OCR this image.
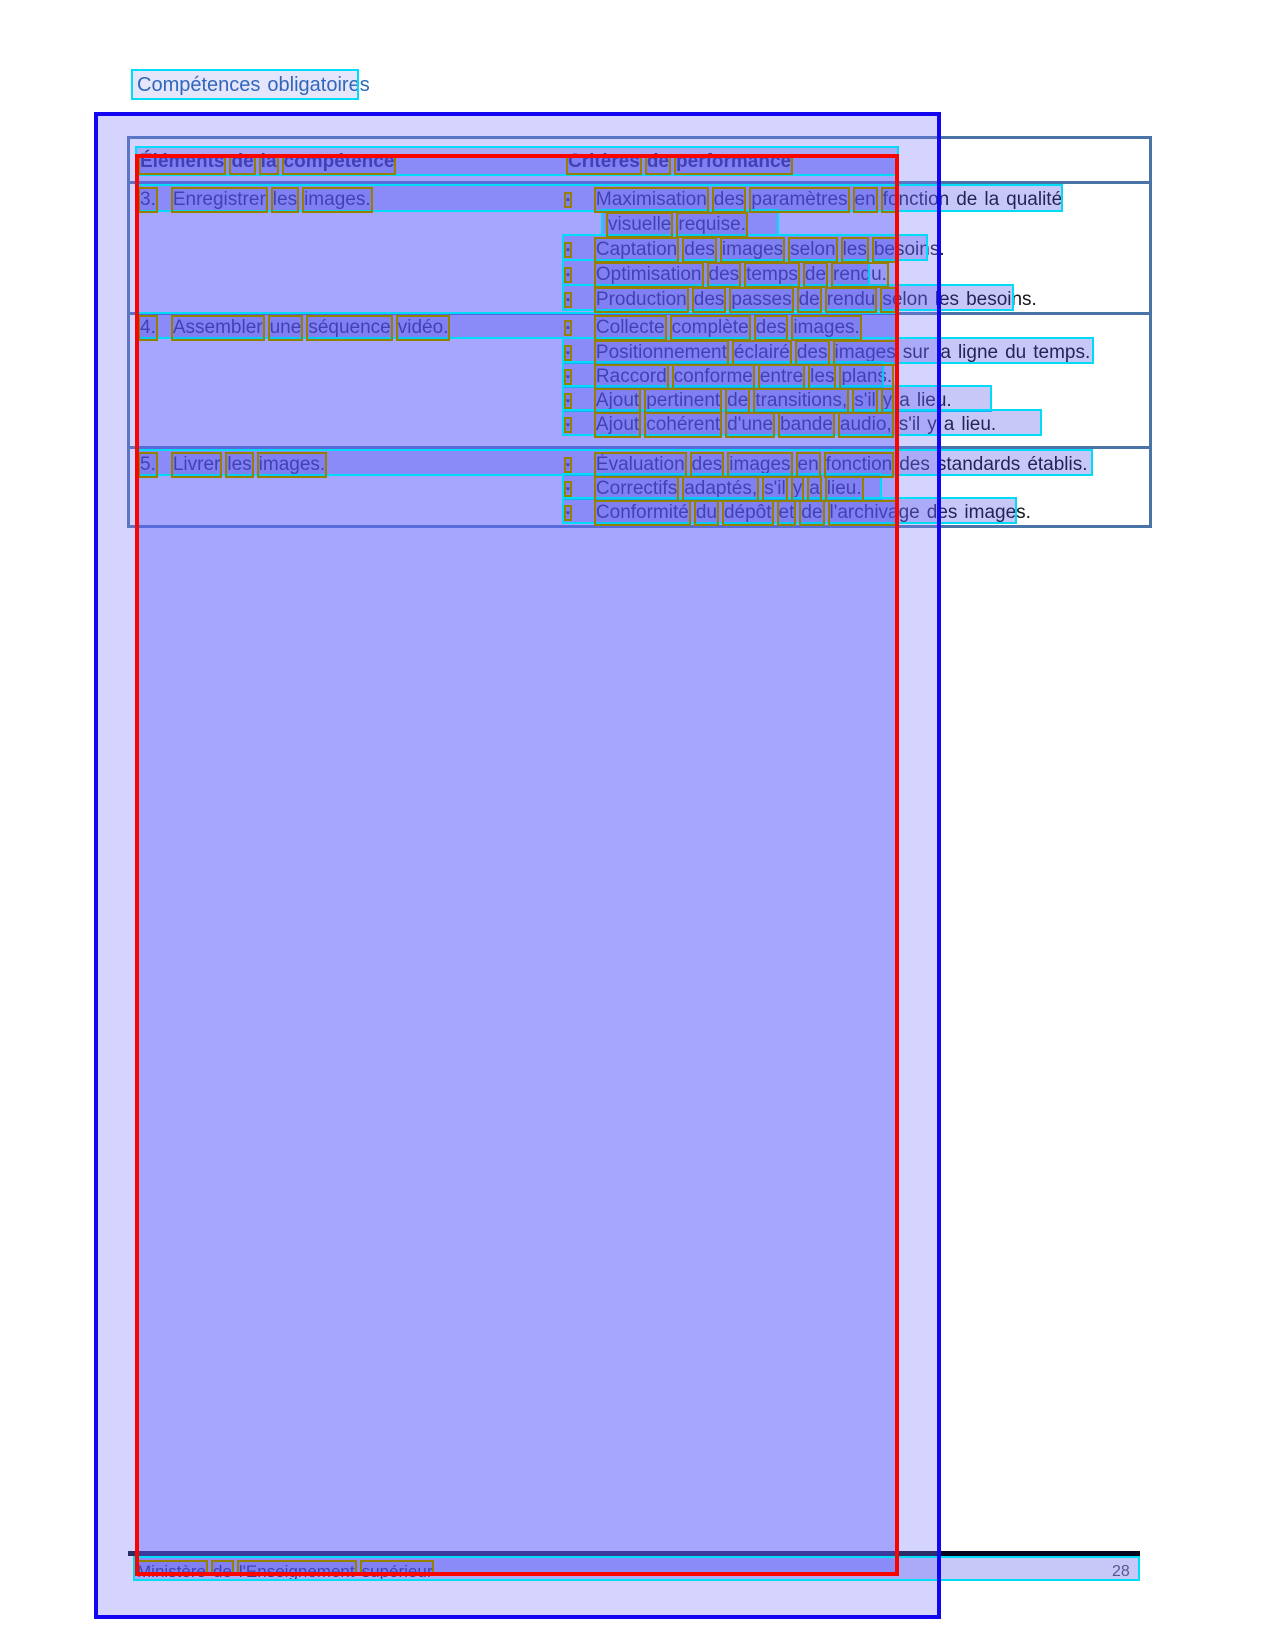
Compétences obligatoires
Éléments de la compétence	Critères de performance
3. Enregistrer les images.	▪ Maximisation des paramètres en fonction de la qualité
visuelle requise.
▪ Captation des images selon les besoins.
▪ Optimisation des temps de rendu.
▪ Production des passes de rendu selon les besoins.
4. Assembler une séquence vidéo.	▪ Collecte complète des images.
▪ Positionnement éclairé des images sur la ligne du temps.
▪ Raccord conforme entre les plans.
▪ Ajout pertinent de transitions, s'il y a lieu.
▪ Ajout cohérent d'une bande audio, s'il y a lieu.
5. Livrer les images.	▪ Évaluation des images en fonction des standards établis.
▪ Correctifs adaptés, s'il y a lieu.
▪ Conformité du dépôt et de l'archivage des images.
Ministère de l'Enseignement supérieur	28
